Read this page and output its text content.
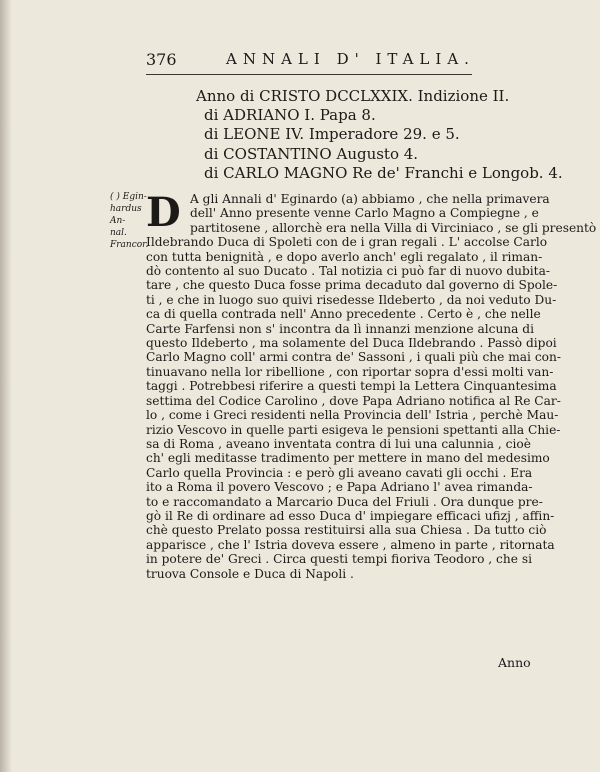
376	ANNALI D' ITALIA.
Anno di CRISTO DCCLXXIX. Indizione II.
di ADRIANO I. Papa 8.
di LEONE IV. Imperadore 29. e 5.
di COSTANTINO Augusto 4.
di CARLO MAGNO Re de' Franchi e Longob. 4.
( ) Egin-
hardus An-
nal. Francor.
D A gli Annali d' Eginardo (a) abbiamo , che nella primavera
dell' Anno presente venne Carlo Magno a Compiegne , e
partitosene , allorchè era nella Villa di Virciniaco , se gli presentò
Ildebrando Duca di Spoleti con de i gran regali . L' accolse Carlo
con tutta benignità , e dopo averlo anch' egli regalato , il riman-
dò contento al suo Ducato . Tal notizia ci può far di nuovo dubita-
tare , che questo Duca fosse prima decaduto dal governo di Spole-
ti , e che in luogo suo quivi risedesse Ildeberto , da noi veduto Du-
ca di quella contrada nell' Anno precedente . Certo è , che nelle
Carte Farfensi non s' incontra da lì innanzi menzione alcuna di
questo Ildeberto , ma solamente del Duca Ildebrando . Passò dipoi
Carlo Magno coll' armi contra de' Sassoni , i quali più che mai con-
tinuavano nella lor ribellione , con riportar sopra d'essi molti van-
taggi . Potrebbesi riferire a questi tempi la Lettera Cinquantesima
settima del Codice Carolino , dove Papa Adriano notifica al Re Car-
lo , come i Greci residenti nella Provincia dell' Istria , perchè Mau-
rizio Vescovo in quelle parti esigeva le pensioni spettanti alla Chie-
sa di Roma , aveano inventata contra di lui una calunnia , cioè
ch' egli meditasse tradimento per mettere in mano del medesimo
Carlo quella Provincia : e però gli aveano cavati gli occhi . Era
ito a Roma il povero Vescovo ; e Papa Adriano l' avea rimanda-
to e raccomandato a Marcario Duca del Friuli . Ora dunque pre-
gò il Re di ordinare ad esso Duca d' impiegare efficaci ufizj , affin-
chè questo Prelato possa restituirsi alla sua Chiesa . Da tutto ciò
apparisce , che l' Istria doveva essere , almeno in parte , ritornata
in potere de' Greci . Circa questi tempi fioriva Teodoro , che si
truova Console e Duca di Napoli .
Anno
